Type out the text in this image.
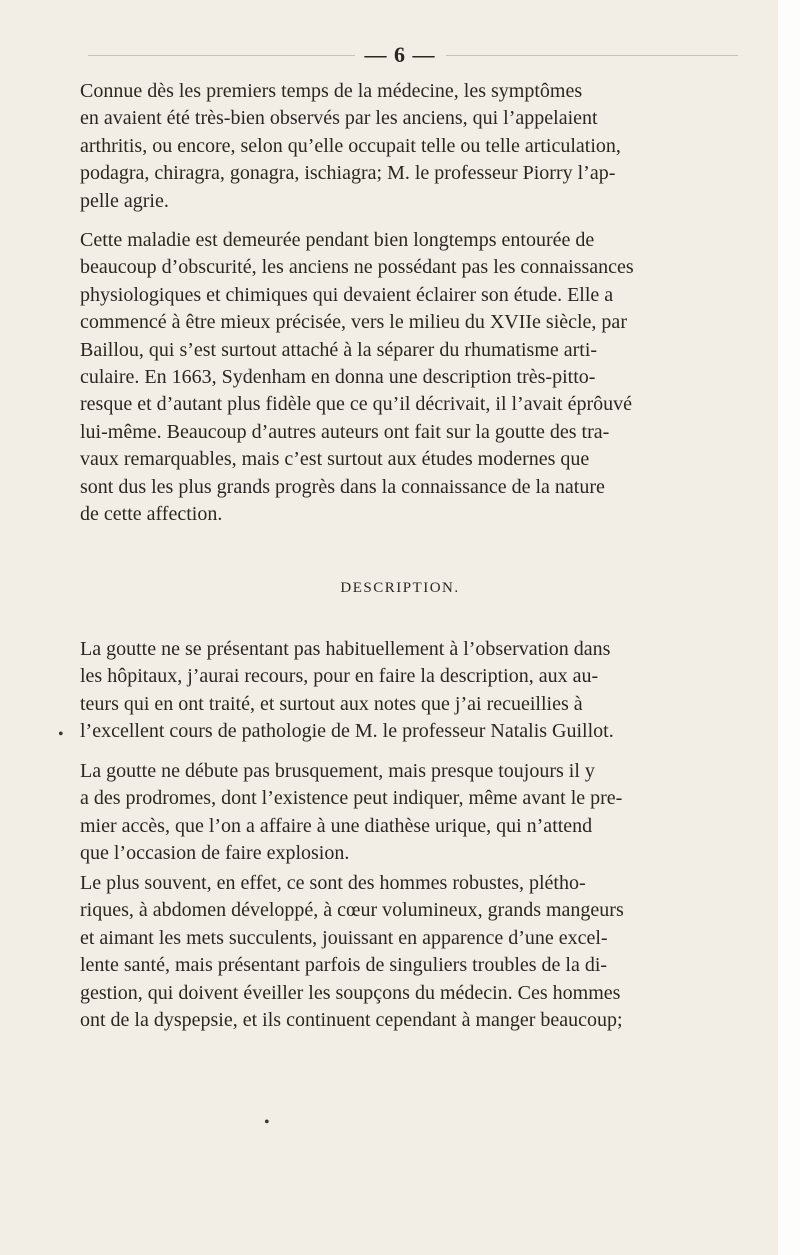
— 6 —
Connue dès les premiers temps de la médecine, les symptômes
en avaient été très-bien observés par les anciens, qui l’appelaient
arthritis, ou encore, selon qu’elle occupait telle ou telle articulation,
podagra, chiragra, gonagra, ischiagra; M. le professeur Piorry l’ap-
pelle agrie.
Cette maladie est demeurée pendant bien longtemps entourée de
beaucoup d’obscurité, les anciens ne possédant pas les connaissances
physiologiques et chimiques qui devaient éclairer son étude. Elle a
commencé à être mieux précisée, vers le milieu du XVIIe siècle, par
Baillou, qui s’est surtout attaché à la séparer du rhumatisme arti-
culaire. En 1663, Sydenham en donna une description très-pitto-
resque et d’autant plus fidèle que ce qu’il décrivait, il l’avait éprôuvé
lui-même. Beaucoup d’autres auteurs ont fait sur la goutte des tra-
vaux remarquables, mais c’est surtout aux études modernes que
sont dus les plus grands progrès dans la connaissance de la nature
de cette affection.
DESCRIPTION.
La goutte ne se présentant pas habituellement à l’observation dans
les hôpitaux, j’aurai recours, pour en faire la description, aux au-
teurs qui en ont traité, et surtout aux notes que j’ai recueillies à
l’excellent cours de pathologie de M. le professeur Natalis Guillot.
La goutte ne débute pas brusquement, mais presque toujours il y
a des prodromes, dont l’existence peut indiquer, même avant le pre-
mier accès, que l’on a affaire à une diathèse urique, qui n’attend
que l’occasion de faire explosion.
Le plus souvent, en effet, ce sont des hommes robustes, plétho-
riques, à abdomen développé, à cœur volumineux, grands mangeurs
et aimant les mets succulents, jouissant en apparence d’une excel-
lente santé, mais présentant parfois de singuliers troubles de la di-
gestion, qui doivent éveiller les soupçons du médecin. Ces hommes
ont de la dyspepsie, et ils continuent cependant à manger beaucoup;
•
•
